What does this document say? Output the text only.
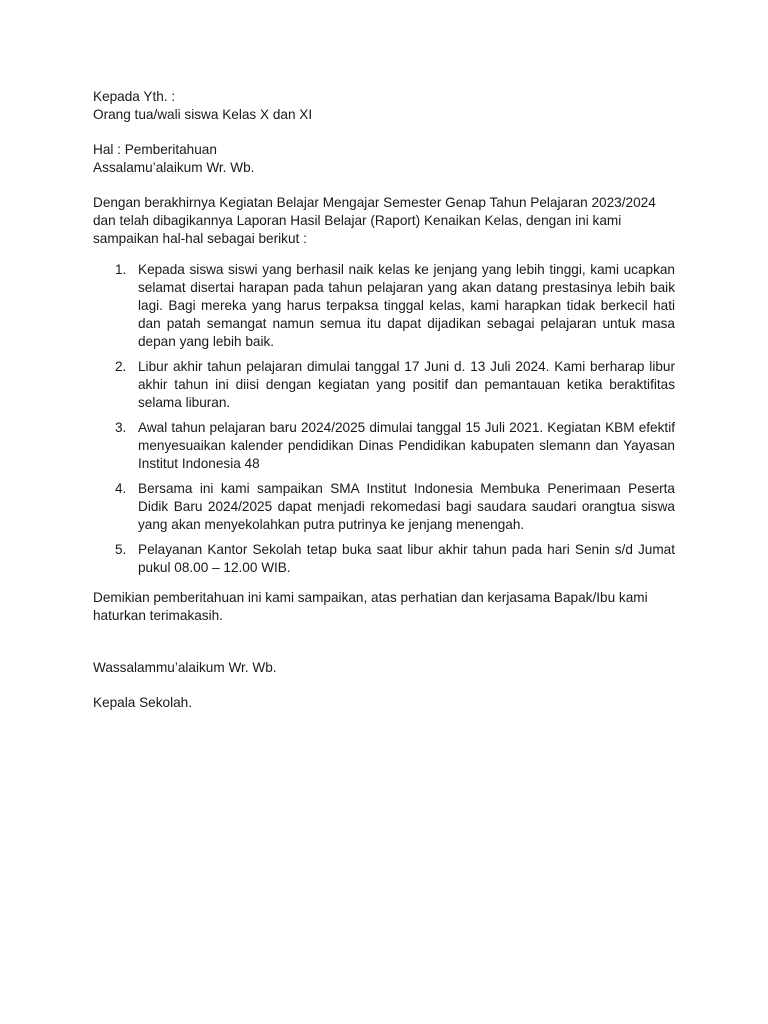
Kepada Yth. :
Orang tua/wali siswa Kelas X dan XI
Hal : Pemberitahuan
Assalamu’alaikum Wr. Wb.

Dengan berakhirnya Kegiatan Belajar Mengajar Semester Genap Tahun Pelajaran 2023/2024 dan telah dibagikannya Laporan Hasil Belajar (Raport) Kenaikan Kelas, dengan ini kami sampaikan hal-hal sebagai berikut :

1. Kepada siswa siswi yang berhasil naik kelas ke jenjang yang lebih tinggi, kami ucapkan selamat disertai harapan pada tahun pelajaran yang akan datang prestasinya lebih baik lagi. Bagi mereka yang harus terpaksa tinggal kelas, kami harapkan tidak berkecil hati dan patah semangat namun semua itu dapat dijadikan sebagai pelajaran untuk masa depan yang lebih baik.
2. Libur akhir tahun pelajaran dimulai tanggal 17 Juni d. 13 Juli 2024. Kami berharap libur akhir tahun ini diisi dengan kegiatan yang positif dan pemantauan ketika beraktifitas selama liburan.
3. Awal tahun pelajaran baru 2024/2025 dimulai tanggal 15 Juli 2021. Kegiatan KBM efektif menyesuaikan kalender pendidikan Dinas Pendidikan kabupaten slemann dan Yayasan Institut Indonesia 48
4. Bersama ini kami sampaikan SMA Institut Indonesia Membuka Penerimaan Peserta Didik Baru 2024/2025 dapat menjadi rekomedasi bagi saudara saudari orangtua siswa yang akan menyekolahkan putra putrinya ke jenjang menengah.
5. Pelayanan Kantor Sekolah tetap buka saat libur akhir tahun pada hari Senin s/d Jumat pukul 08.00 – 12.00 WIB.

Demikian pemberitahuan ini kami sampaikan, atas perhatian dan kerjasama Bapak/Ibu kami haturkan terimakasih.

Wassalammu’alaikum Wr. Wb.
Kepala Sekolah.
